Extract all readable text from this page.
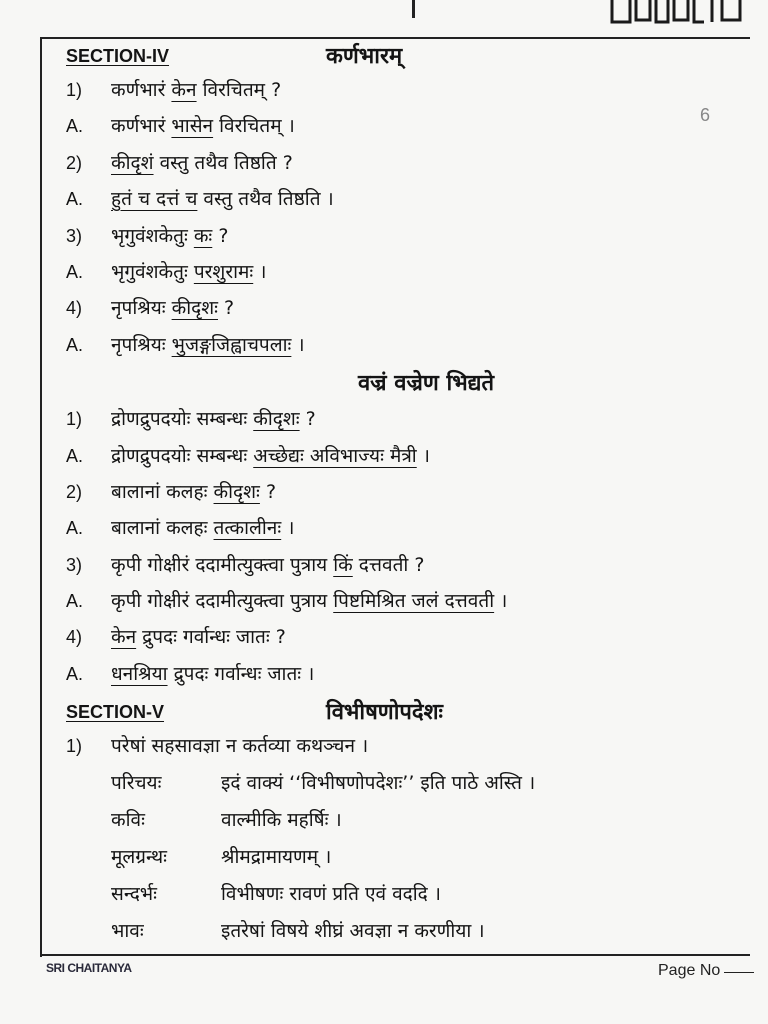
6
SECTION-IV	कर्णभारम्
1)	कर्णभारं केन विरचितम् ?
A.	कर्णभारं भासेन विरचितम् ।
2)	कीदृशं वस्तु तथैव तिष्ठति ?
A.	हुतं च दत्तं च वस्तु तथैव तिष्ठति ।
3)	भृगुवंशकेतुः कः ?
A.	भृगुवंशकेतुः परशुरामः ।
4)	नृपश्रियः कीदृशः ?
A.	नृपश्रियः भुजङ्गजिह्वाचपलाः ।
वज्रं वज्रेण भिद्यते
1)	द्रोणद्रुपदयोः सम्बन्धः कीदृशः ?
A.	द्रोणद्रुपदयोः सम्बन्धः अच्छेद्यः अविभाज्यः मैत्री ।
2)	बालानां कलहः कीदृशः ?
A.	बालानां कलहः तत्कालीनः ।
3)	कृपी गोक्षीरं ददामीत्युक्त्वा पुत्राय किं दत्तवती ?
A.	कृपी गोक्षीरं ददामीत्युक्त्वा पुत्राय पिष्टमिश्रित जलं दत्तवती ।
4)	केन द्रुपदः गर्वान्धः जातः ?
A.	धनश्रिया द्रुपदः गर्वान्धः जातः ।
SECTION-V	विभीषणोपदेशः
1)	परेषां सहसावज्ञा न कर्तव्या कथञ्चन ।
परिचयः	इदं वाक्यं ‘‘विभीषणोपदेशः’’ इति पाठे अस्ति ।
कविः	वाल्मीकि महर्षिः ।
मूलग्रन्थः	श्रीमद्रामायणम् ।
सन्दर्भः	विभीषणः रावणं प्रति एवं वददि ।
भावः	इतरेषां विषये शीघ्रं अवज्ञा न करणीया ।
SRI CHAITANYA	Page No
